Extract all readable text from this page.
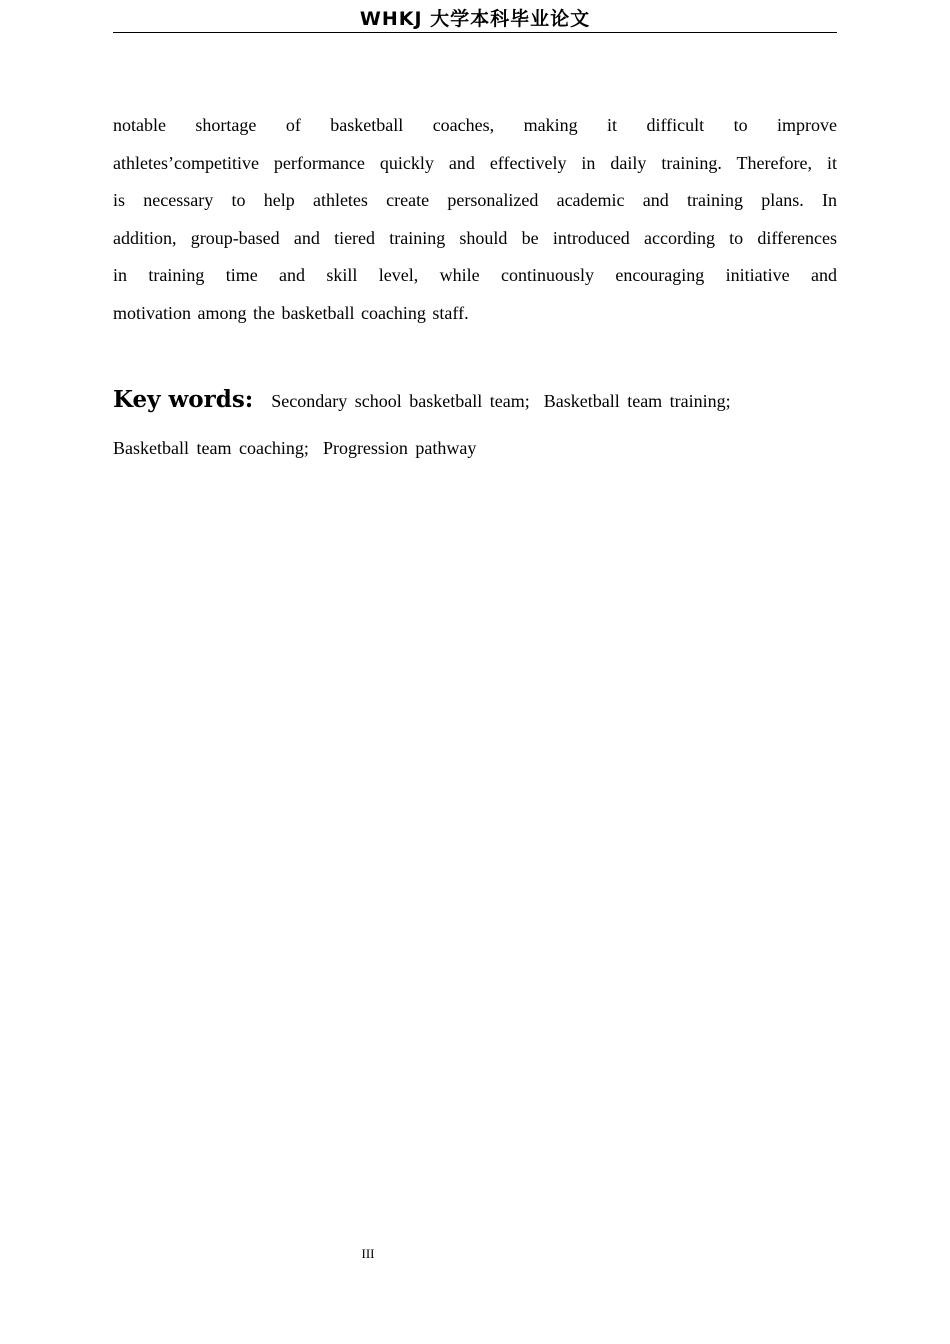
WHKJ 大学本科毕业论文
notable shortage of basketball coaches, making it difficult to improve
athletes’competitive performance quickly and effectively in daily training. Therefore, it
is necessary to help athletes create personalized academic and training plans. In
addition, group-based and tiered training should be introduced according to differences
in training time and skill level, while continuously encouraging initiative and
motivation among the basketball coaching staff.
Key words: Secondary school basketball team; Basketball team training;
Basketball team coaching; Progression pathway
III
